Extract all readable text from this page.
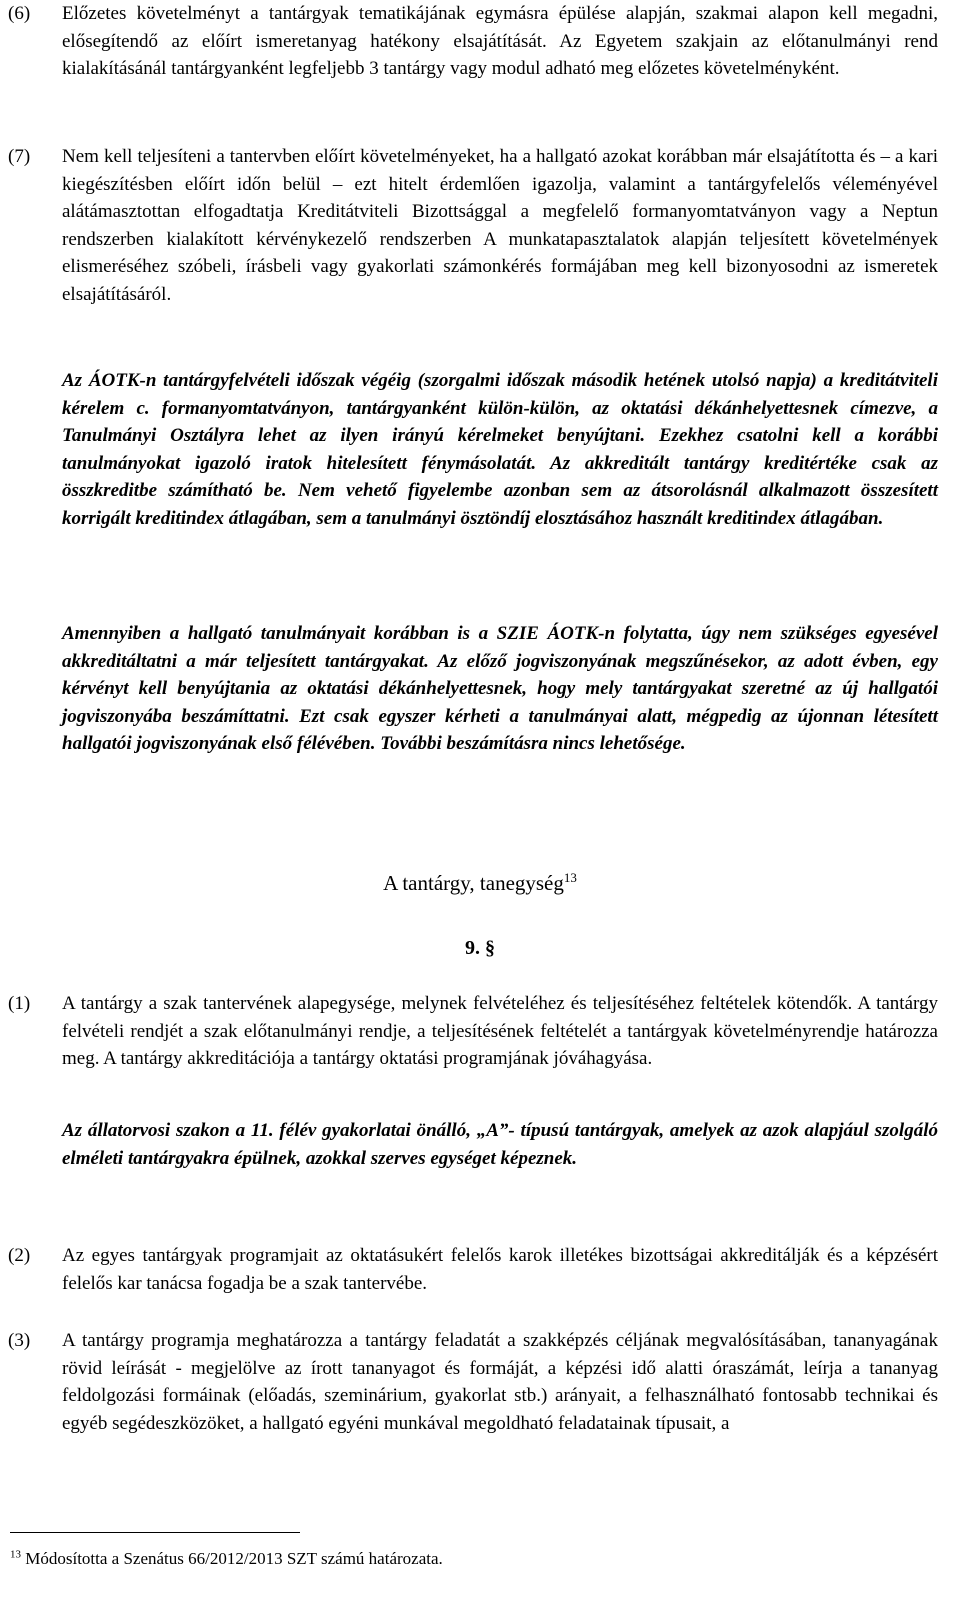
(6)	Előzetes követelményt a tantárgyak tematikájának egymásra épülése alapján, szakmai alapon kell megadni, elősegítendő az előírt ismeretanyag hatékony elsajátítását. Az Egyetem szakjain az előtanulmányi rend kialakításánál tantárgyanként legfeljebb 3 tantárgy vagy modul adható meg előzetes követelményként.
(7)	Nem kell teljesíteni a tantervben előírt követelményeket, ha a hallgató azokat korábban már elsajátította és – a kari kiegészítésben előírt időn belül – ezt hitelt érdemlően igazolja, valamint a tantárgyfelelős véleményével alátámasztottan elfogadtatja Kreditátviteli Bizottsággal a megfelelő formanyomtatványon vagy a Neptun rendszerben kialakított kérvénykezelő rendszerben A munkatapasztalatok alapján teljesített követelmények elismeréséhez szóbeli, írásbeli vagy gyakorlati számonkérés formájában meg kell bizonyosodni az ismeretek elsajátításáról.
Az ÁOTK-n tantárgyfelvételi időszak végéig (szorgalmi időszak második hetének utolsó napja) a kreditátviteli kérelem c. formanyomtatványon, tantárgyanként külön-külön, az oktatási dékánhelyettesnek címezve, a Tanulmányi Osztályra lehet az ilyen irányú kérelmeket benyújtani. Ezekhez csatolni kell a korábbi tanulmányokat igazoló iratok hitelesített fénymásolatát. Az akkreditált tantárgy kreditértéke csak az összkreditbe számítható be. Nem vehető figyelembe azonban sem az átsorolásnál alkalmazott összesített korrigált kreditindex átlagában, sem a tanulmányi ösztöndíj elosztásához használt kreditindex átlagában.
Amennyiben a hallgató tanulmányait korábban is a SZIE ÁOTK-n folytatta, úgy nem szükséges egyesével akkreditáltatni a már teljesített tantárgyakat. Az előző jogviszonyának megszűnésekor, az adott évben, egy kérvényt kell benyújtania az oktatási dékánhelyettesnek, hogy mely tantárgyakat szeretné az új hallgatói jogviszonyába beszámíttatni. Ezt csak egyszer kérheti a tanulmányai alatt, mégpedig az újonnan létesített hallgatói jogviszonyának első félévében. További beszámításra nincs lehetősége.
A tantárgy, tanegység$^{13}$
9. §
(1)	A tantárgy a szak tantervének alapegysége, melynek felvételéhez és teljesítéséhez feltételek kötendők. A tantárgy felvételi rendjét a szak előtanulmányi rendje, a teljesítésének feltételét a tantárgyak követelményrendje határozza meg. A tantárgy akkreditációja a tantárgy oktatási programjának jóváhagyása.
Az állatorvosi szakon a 11. félév gyakorlatai önálló, „A”- típusú tantárgyak, amelyek az azok alapjául szolgáló elméleti tantárgyakra épülnek, azokkal szerves egységet képeznek.
(2)	Az egyes tantárgyak programjait az oktatásukért felelős karok illetékes bizottságai akkreditálják és a képzésért felelős kar tanácsa fogadja be a szak tantervébe.
(3)	A tantárgy programja meghatározza a tantárgy feladatát a szakképzés céljának megvalósításában, tananyagának rövid leírását - megjelölve az írott tananyagot és formáját, a képzési idő alatti óraszámát, leírja a tananyag feldolgozási formáinak (előadás, szeminárium, gyakorlat stb.) arányait, a felhasználható fontosabb technikai és egyéb segédeszközöket, a hallgató egyéni munkával megoldható feladatainak típusait, a
$^{13}$ Módosította a Szenátus 66/2012/2013 SZT számú határozata.
